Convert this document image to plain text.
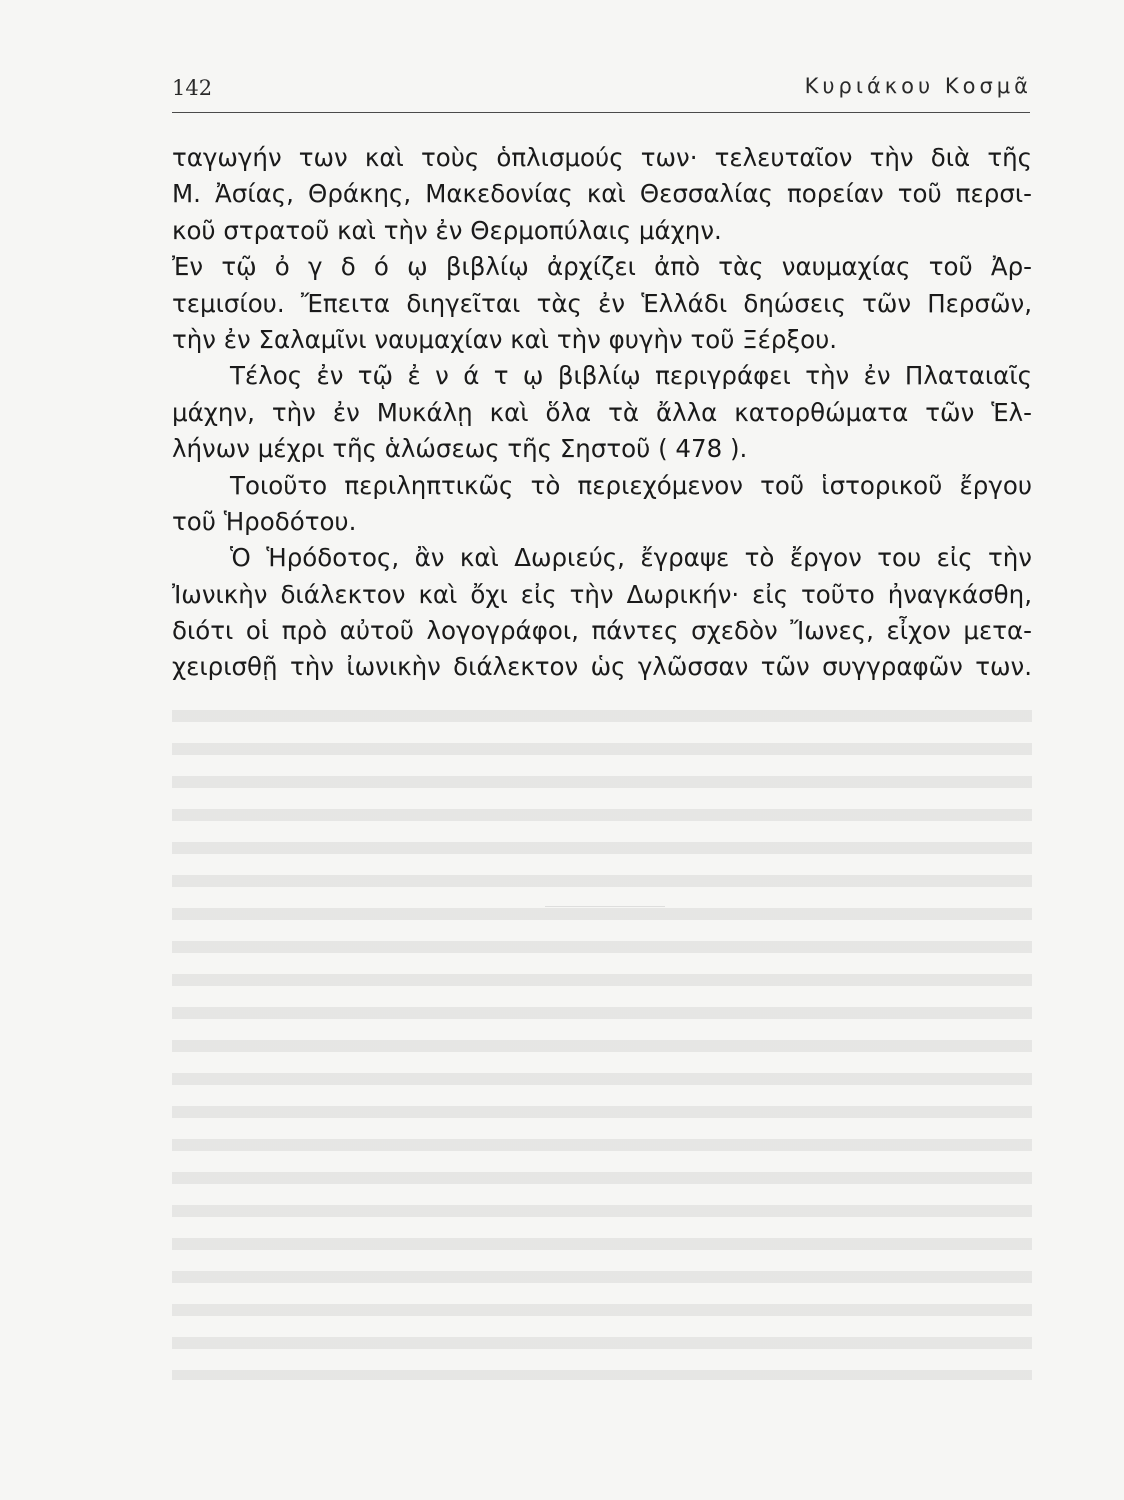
142	Κυριάκου Κοσμᾶ
ταγωγήν των καὶ τοὺς ὁπλισμούς των· τελευταῖον τὴν διὰ τῆς
Μ. Ἀσίας, Θράκης, Μακεδονίας καὶ Θεσσαλίας πορείαν τοῦ περσι-
κοῦ στρατοῦ καὶ τὴν ἐν Θερμοπύλαις μάχην.
Ἐν τῷ ὀ γ δ ό ῳ βιβλίῳ ἀρχίζει ἀπὸ τὰς ναυμαχίας τοῦ Ἀρ-
τεμισίου. Ἔπειτα διηγεῖται τὰς ἐν Ἑλλάδι δηώσεις τῶν Περσῶν,
τὴν ἐν Σαλαμῖνι ναυμαχίαν καὶ τὴν φυγὴν τοῦ Ξέρξου.
Τέλος ἐν τῷ ἐ ν ά τ ῳ βιβλίῳ περιγράφει τὴν ἐν Πλαταιαῖς
μάχην, τὴν ἐν Μυκάλῃ καὶ ὅλα τὰ ἄλλα κατορθώματα τῶν Ἑλ-
λήνων μέχρι τῆς ἁλώσεως τῆς Σηστοῦ ( 478 ).
Τοιοῦτο περιληπτικῶς τὸ περιεχόμενον τοῦ ἱστορικοῦ ἔργου
τοῦ Ἡροδότου.
Ὁ Ἡρόδοτος, ἂν καὶ Δωριεύς, ἔγραψε τὸ ἔργον του εἰς τὴν
Ἰωνικὴν διάλεκτον καὶ ὄχι εἰς τὴν Δωρικήν· εἰς τοῦτο ἠναγκάσθη,
διότι οἱ πρὸ αὐτοῦ λογογράφοι, πάντες σχεδὸν Ἴωνες, εἶχον μετα-
χειρισθῇ τὴν ἰωνικὴν διάλεκτον ὡς γλῶσσαν τῶν συγγραφῶν των.
